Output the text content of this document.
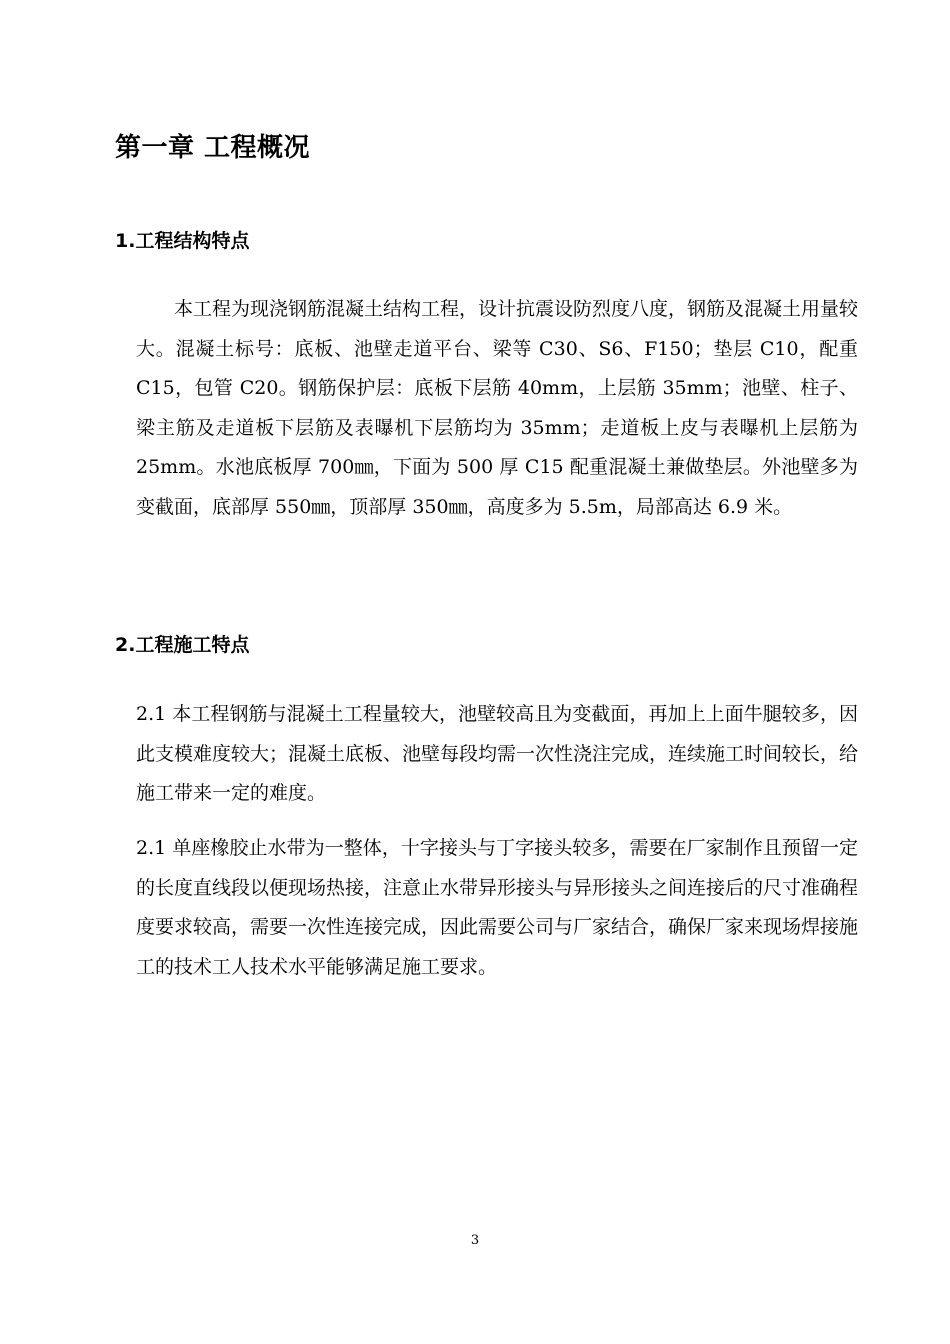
第一章 工程概况
1.工程结构特点

本工程为现浇钢筋混凝土结构工程，设计抗震设防烈度八度，钢筋及混凝土用量较大。混凝土标号：底板、池壁走道平台、梁等 C30、S6、F150；垫层 C10，配重 C15，包管 C20。钢筋保护层：底板下层筋 40mm，上层筋 35mm；池壁、柱子、梁主筋及走道板下层筋及表曝机下层筋均为 35mm；走道板上皮与表曝机上层筋为 25mm。水池底板厚 700㎜，下面为 500 厚 C15 配重混凝土兼做垫层。外池壁多为变截面，底部厚 550㎜，顶部厚 350㎜，高度多为 5.5m，局部高达 6.9 米。

2.工程施工特点

2.1 本工程钢筋与混凝土工程量较大，池壁较高且为变截面，再加上上面牛腿较多，因此支模难度较大；混凝土底板、池壁每段均需一次性浇注完成，连续施工时间较长，给施工带来一定的难度。

2.1 单座橡胶止水带为一整体，十字接头与丁字接头较多，需要在厂家制作且预留一定的长度直线段以便现场热接，注意止水带异形接头与异形接头之间连接后的尺寸准确程度要求较高，需要一次性连接完成，因此需要公司与厂家结合，确保厂家来现场焊接施工的技术工人技术水平能够满足施工要求。

3
